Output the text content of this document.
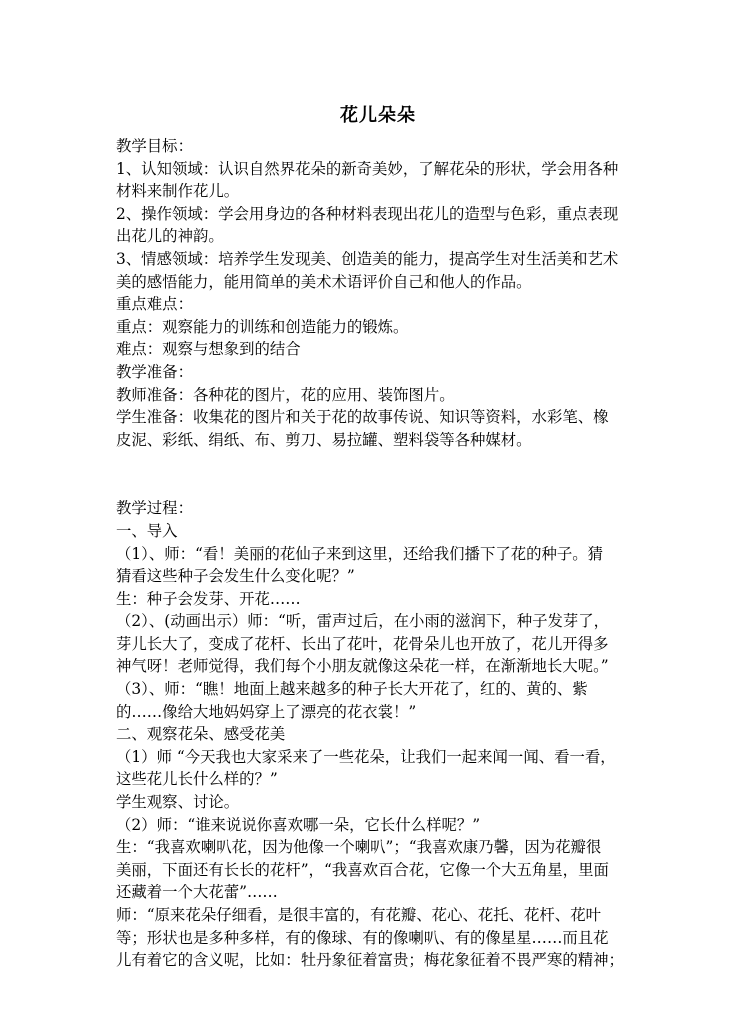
花儿朵朵

教学目标：

1、认知领域：认识自然界花朵的新奇美妙，了解花朵的形状，学会用各种

材料来制作花儿。

2、操作领域：学会用身边的各种材料表现出花儿的造型与色彩，重点表现

出花儿的神韵。

3、情感领域：培养学生发现美、创造美的能力，提高学生对生活美和艺术

美的感悟能力，能用简单的美术术语评价自己和他人的作品。

重点难点：

重点：观察能力的训练和创造能力的锻炼。

难点：观察与想象到的结合

教学准备：

教师准备：各种花的图片，花的应用、装饰图片。

学生准备：收集花的图片和关于花的故事传说、知识等资料，水彩笔、橡

皮泥、彩纸、绢纸、布、剪刀、易拉罐、塑料袋等各种媒材。

教学过程：

一、导入

（1）、师：“看！美丽的花仙子来到这里，还给我们播下了花的种子。猜

猜看这些种子会发生什么变化呢？”

生：种子会发芽、开花……

（2）、(动画出示）师：“听，雷声过后，在小雨的滋润下，种子发芽了，

芽儿长大了，变成了花杆、长出了花叶，花骨朵儿也开放了，花儿开得多

神气呀！老师觉得，我们每个小朋友就像这朵花一样，在渐渐地长大呢。”

（3）、师：“瞧！地面上越来越多的种子长大开花了，红的、黄的、紫

的……像给大地妈妈穿上了漂亮的花衣裳！”

二、观察花朵、感受花美

（1）师 “今天我也大家采来了一些花朵，让我们一起来闻一闻、看一看，

这些花儿长什么样的？”

学生观察、讨论。

（2）师：“谁来说说你喜欢哪一朵，它长什么样呢？”

生：“我喜欢喇叭花，因为他像一个喇叭”；“我喜欢康乃馨，因为花瓣很

美丽，下面还有长长的花杆”，“我喜欢百合花，它像一个大五角星，里面

还藏着一个大花蕾”……

师：“原来花朵仔细看，是很丰富的，有花瓣、花心、花托、花杆、花叶

等；形状也是多种多样，有的像球、有的像喇叭、有的像星星……而且花

儿有着它的含义呢，比如：牡丹象征着富贵；梅花象征着不畏严寒的精神；
